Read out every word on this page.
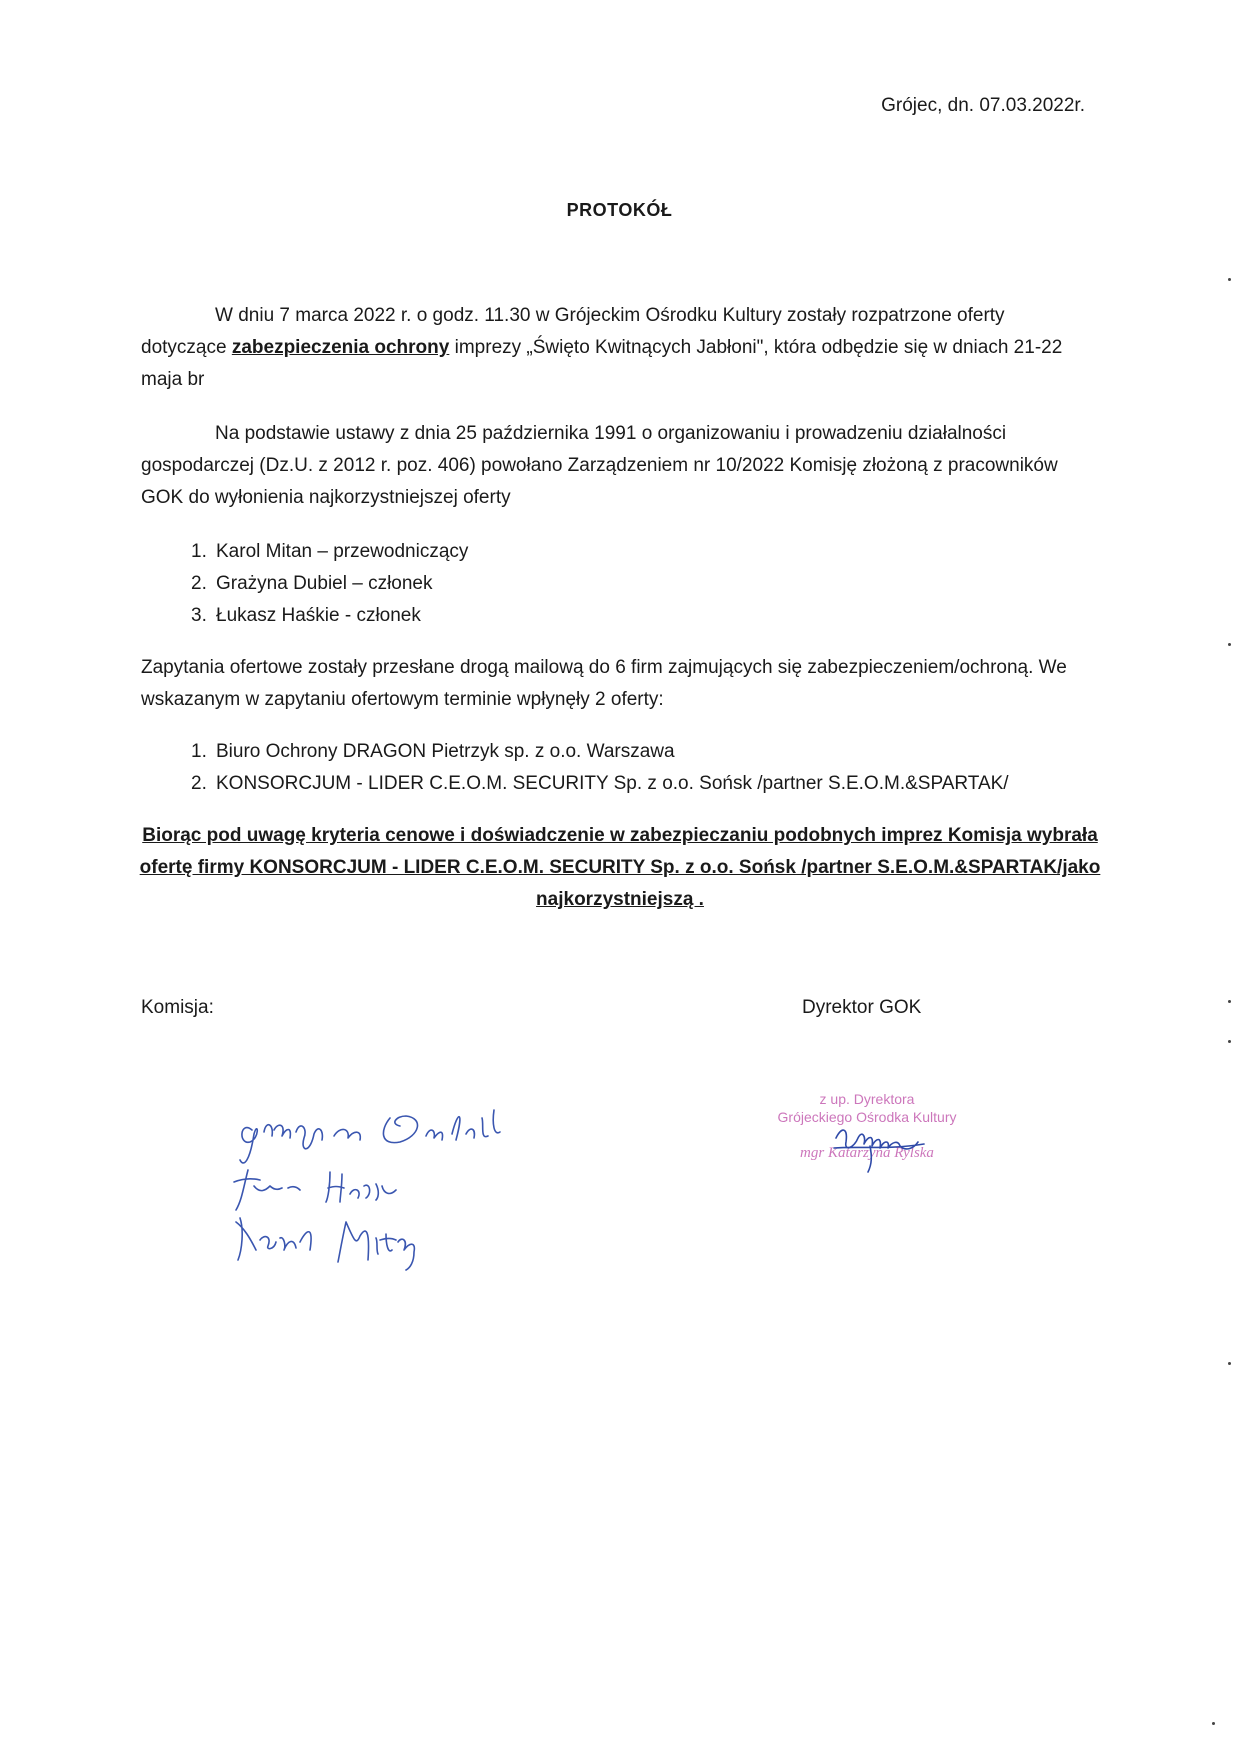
Grójec, dn. 07.03.2022r.
PROTOKÓŁ
W dniu 7 marca 2022 r. o godz. 11.30 w Grójeckim Ośrodku Kultury zostały rozpatrzone oferty dotyczące zabezpieczenia ochrony imprezy „Święto Kwitnących Jabłoni", która odbędzie się w dniach 21-22 maja br
Na podstawie ustawy z dnia 25 października 1991 o organizowaniu i prowadzeniu działalności gospodarczej (Dz.U. z 2012 r. poz. 406) powołano Zarządzeniem nr 10/2022 Komisję złożoną z pracowników GOK do wyłonienia najkorzystniejszej oferty
1. Karol Mitan – przewodniczący
2. Grażyna Dubiel – członek
3. Łukasz Haśkie - członek
Zapytania ofertowe zostały przesłane drogą mailową do 6 firm zajmujących się zabezpieczeniem/ochroną. We wskazanym w zapytaniu ofertowym terminie wpłynęły 2 oferty:
1. Biuro Ochrony DRAGON Pietrzyk sp. z o.o. Warszawa
2. KONSORCJUM - LIDER C.E.O.M. SECURITY Sp. z o.o. Sońsk /partner S.E.O.M.&SPARTAK/
Biorąc pod uwagę kryteria cenowe i doświadczenie w zabezpieczaniu podobnych imprez Komisja wybrała ofertę firmy KONSORCJUM - LIDER C.E.O.M. SECURITY Sp. z o.o. Sońsk /partner S.E.O.M.&SPARTAK/jako najkorzystniejszą .
Komisja:	Dyrektor GOK
z up. Dyrektora
Grójeckiego Ośrodka Kultury
mgr Katarzyna Rylska
